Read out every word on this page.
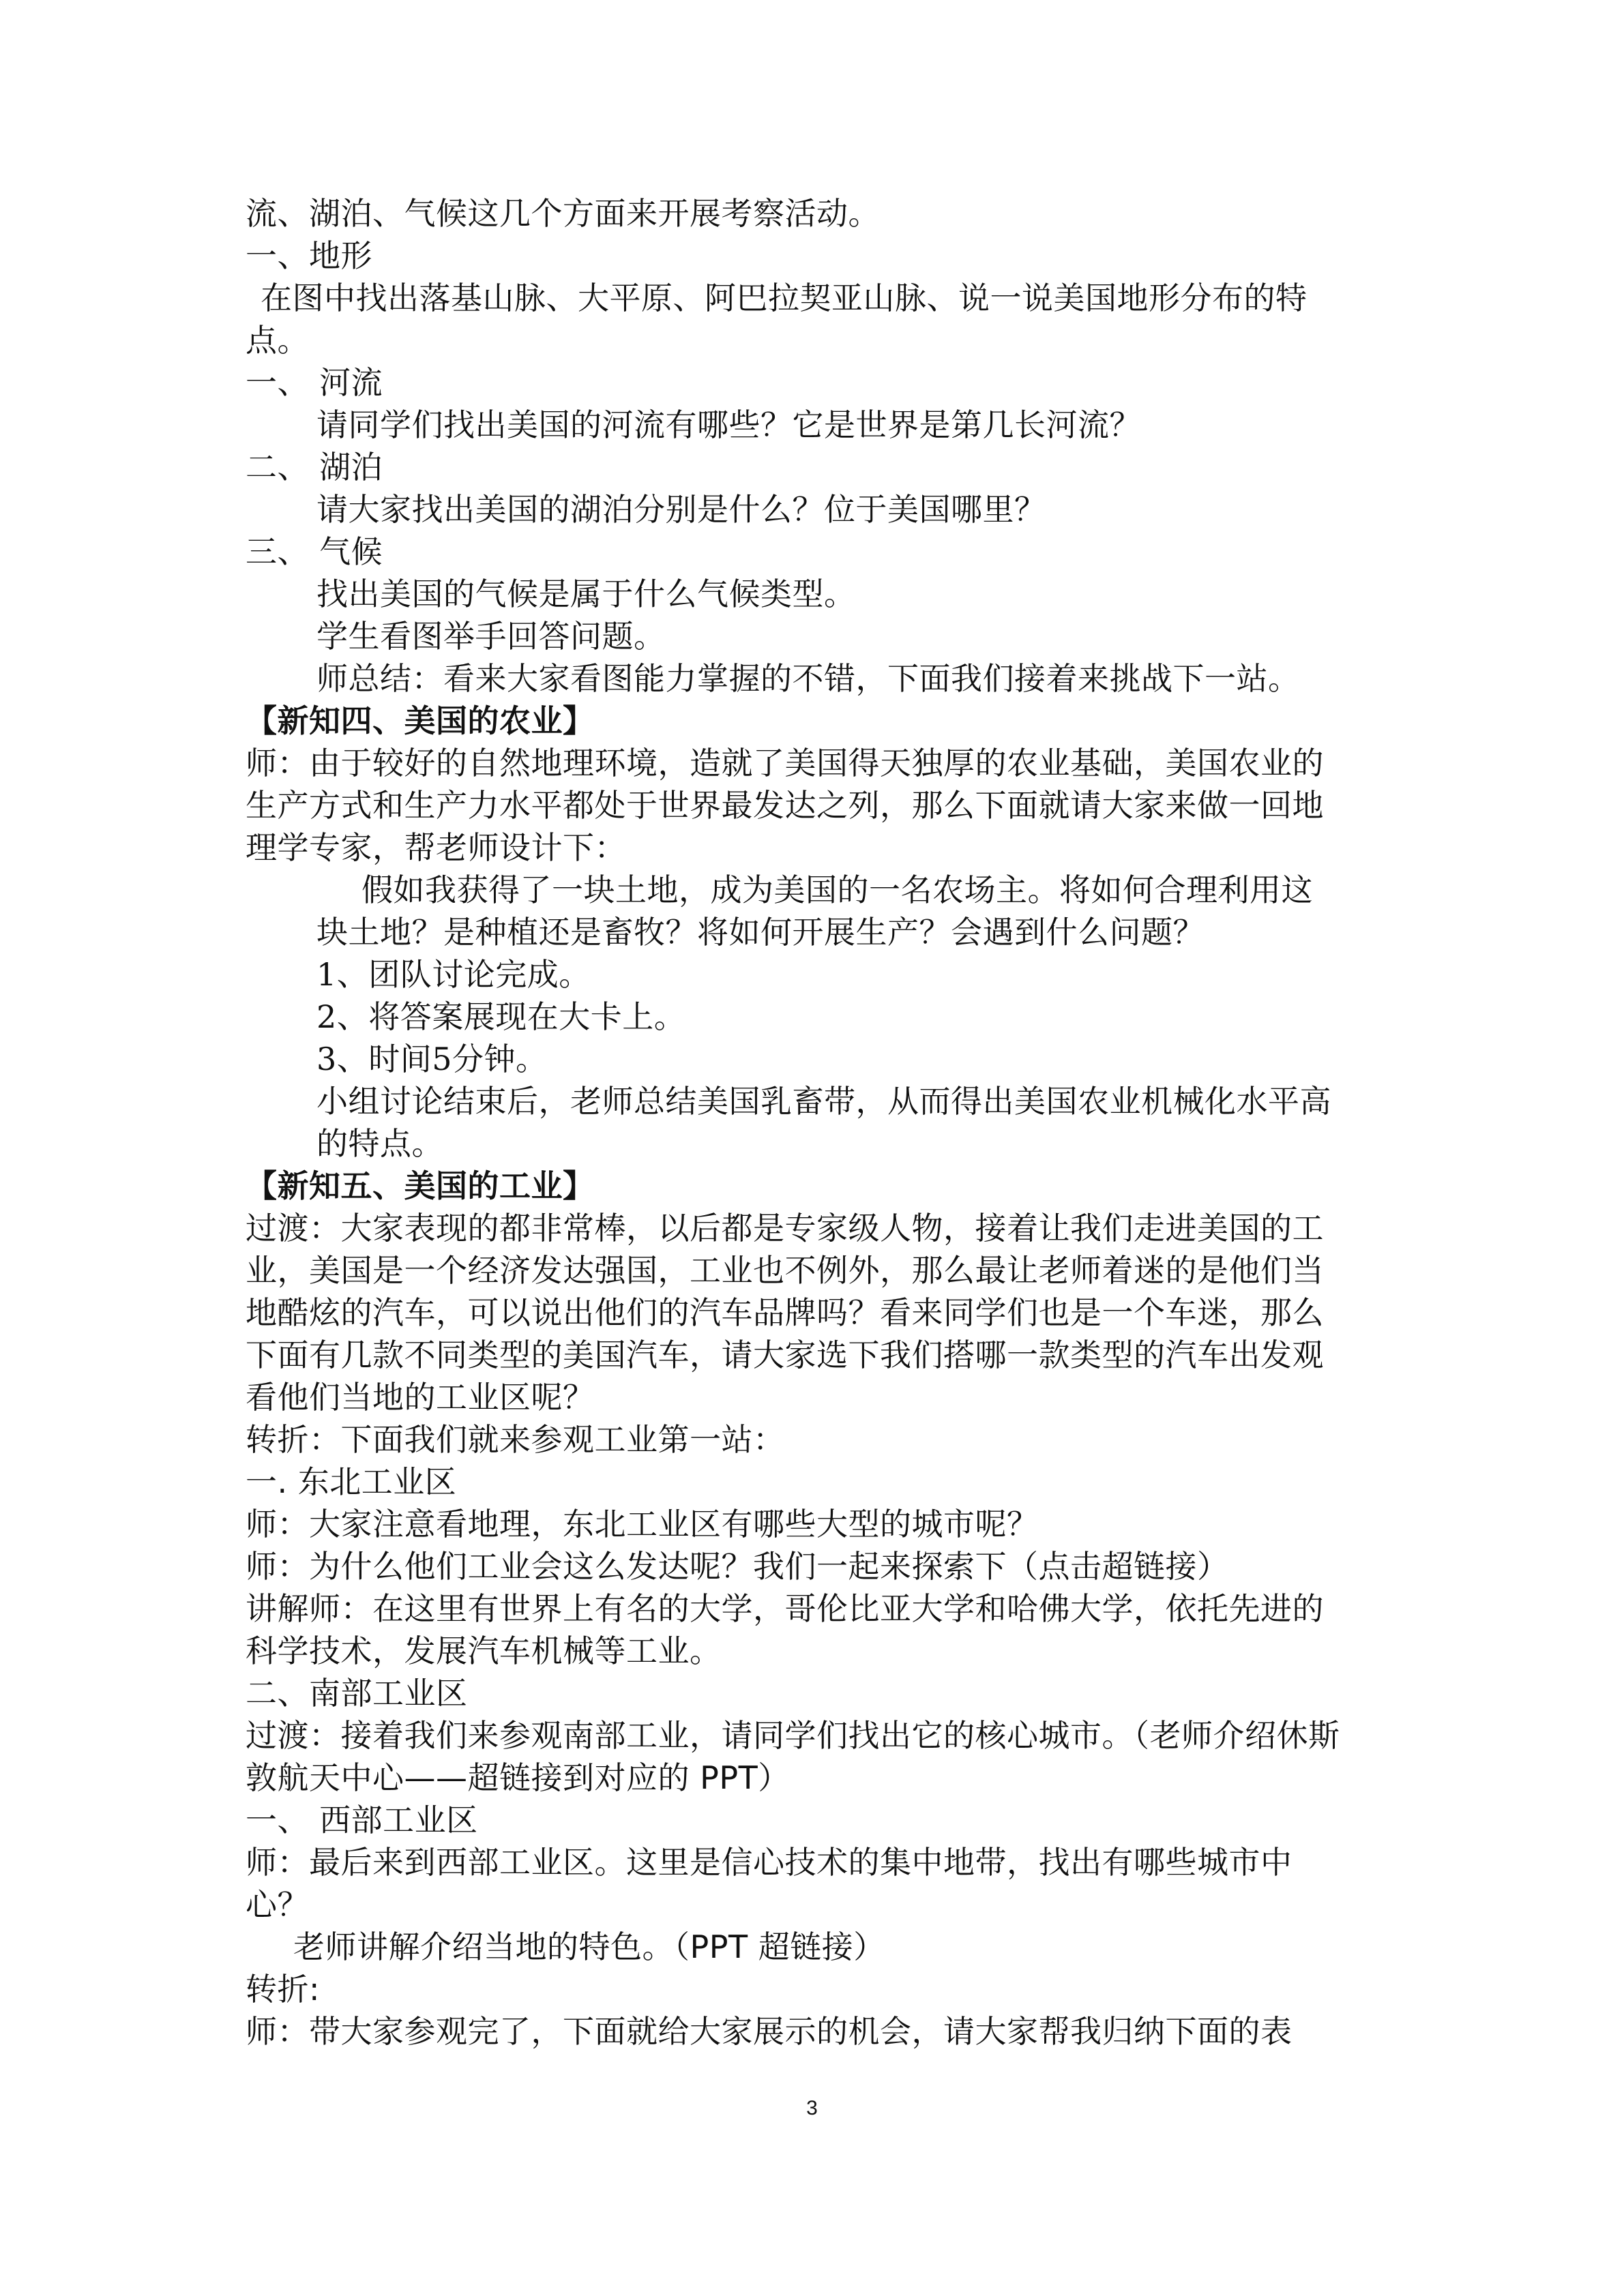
流、湖泊、气候这几个方面来开展考察活动。
一、地形
在图中找出落基山脉、大平原、阿巴拉契亚山脉、说一说美国地形分布的特
点。
一、 河流
请同学们找出美国的河流有哪些？它是世界是第几长河流？
二、 湖泊
请大家找出美国的湖泊分别是什么？位于美国哪里？
三、 气候
找出美国的气候是属于什么气候类型。
学生看图举手回答问题。
师总结：看来大家看图能力掌握的不错，下面我们接着来挑战下一站。
【新知四、美国的农业】
师：由于较好的自然地理环境，造就了美国得天独厚的农业基础，美国农业的
生产方式和生产力水平都处于世界最发达之列，那么下面就请大家来做一回地
理学专家，帮老师设计下：
假如我获得了一块土地，成为美国的一名农场主。将如何合理利用这
块土地？是种植还是畜牧？将如何开展生产？会遇到什么问题？
1、团队讨论完成。
2、将答案展现在大卡上。
3、时间5分钟。
小组讨论结束后，老师总结美国乳畜带，从而得出美国农业机械化水平高
的特点。
【新知五、美国的工业】
过渡：大家表现的都非常棒，以后都是专家级人物，接着让我们走进美国的工
业，美国是一个经济发达强国，工业也不例外，那么最让老师着迷的是他们当
地酷炫的汽车，可以说出他们的汽车品牌吗？看来同学们也是一个车迷，那么
下面有几款不同类型的美国汽车，请大家选下我们搭哪一款类型的汽车出发观
看他们当地的工业区呢？
转折：下面我们就来参观工业第一站：
一. 东北工业区
师：大家注意看地理，东北工业区有哪些大型的城市呢？
师：为什么他们工业会这么发达呢？我们一起来探索下（点击超链接）
讲解师：在这里有世界上有名的大学，哥伦比亚大学和哈佛大学，依托先进的
科学技术，发展汽车机械等工业。
二、南部工业区
过渡：接着我们来参观南部工业，请同学们找出它的核心城市。（老师介绍休斯
敦航天中心——超链接到对应的 PPT）
一、 西部工业区
师：最后来到西部工业区。这里是信心技术的集中地带，找出有哪些城市中
心？
老师讲解介绍当地的特色。（PPT 超链接）
转折:
师：带大家参观完了，下面就给大家展示的机会，请大家帮我归纳下面的表
3
